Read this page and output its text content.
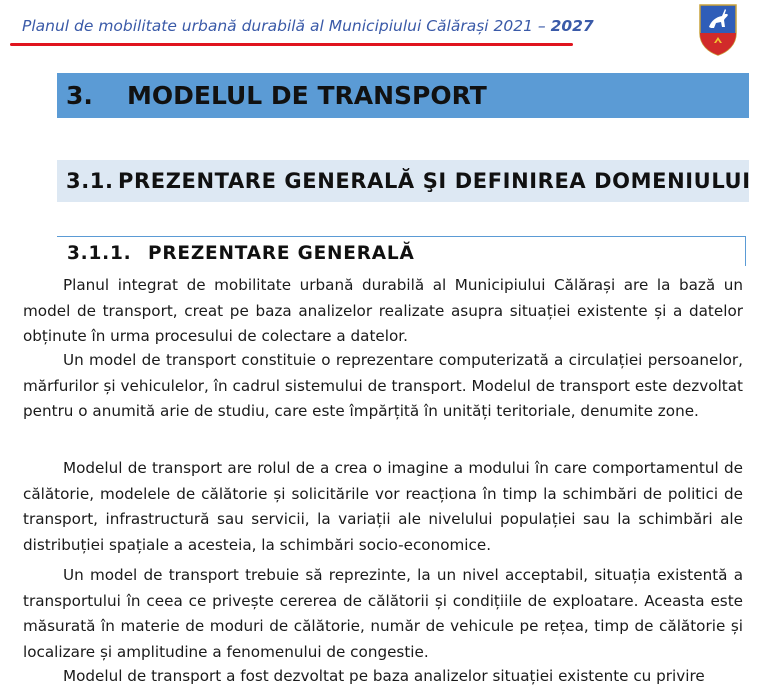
Planul de mobilitate urbană durabilă al Municipiului Călărași 2021 – 2027
3. MODELUL DE TRANSPORT
3.1. PREZENTARE GENERALĂ ŞI DEFINIREA DOMENIULUI
3.1.1. PREZENTARE GENERALĂ

Planul integrat de mobilitate urbană durabilă al Municipiului Călărași are la bază un model de transport, creat pe baza analizelor realizate asupra situației existente și a datelor obținute în urma procesului de colectare a datelor.

Un model de transport constituie o reprezentare computerizată a circulației persoanelor, mărfurilor și vehiculelor, în cadrul sistemului de transport. Modelul de transport este dezvoltat pentru o anumită arie de studiu, care este împărțită în unități teritoriale, denumite zone.

Modelul de transport are rolul de a crea o imagine a modului în care comportamentul de călătorie, modelele de călătorie și solicitările vor reacționa în timp la schimbări de politici de transport, infrastructură sau servicii, la variații ale nivelului populației sau la schimbări ale distribuției spațiale a acesteia, la schimbări socio-economice.

Un model de transport trebuie să reprezinte, la un nivel acceptabil, situația existentă a transportului în ceea ce privește cererea de călătorii și condițiile de exploatare. Aceasta este măsurată în materie de moduri de călătorie, număr de vehicule pe rețea, timp de călătorie și localizare și amplitudine a fenomenului de congestie.

Modelul de transport a fost dezvoltat pe baza analizelor situației existente cu privire
